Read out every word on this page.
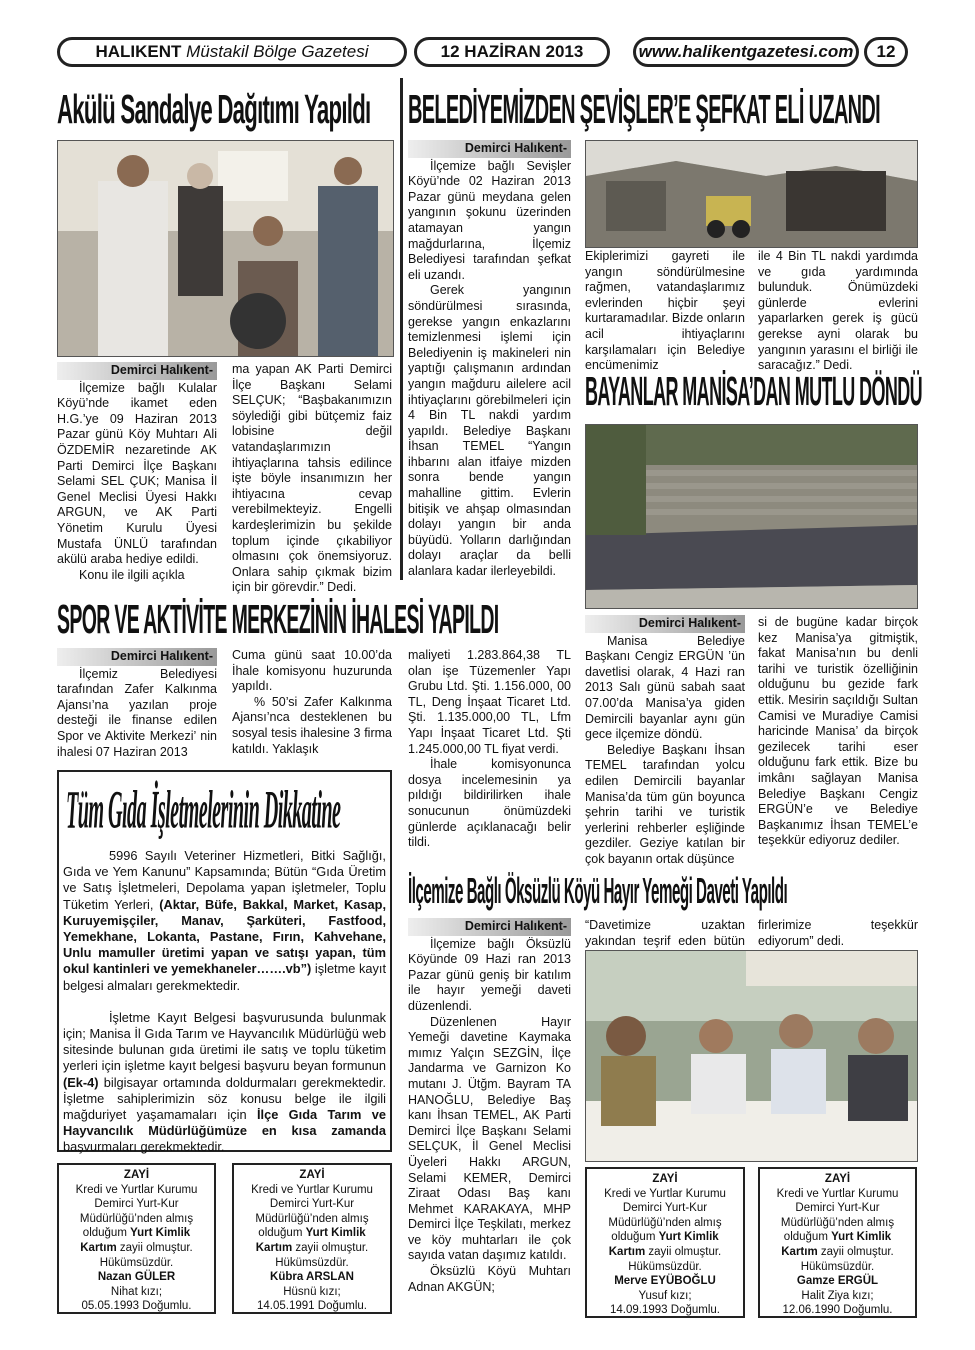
HALIKENT
Müstakil Bölge Gazetesi	12 HAZİRAN 2013	www.halikentgazetesi.com 12
Akülü Sandalye Dağıtımı Yapıldı
Demirci Halıkent-

İlçemize bağlı Kulalar Köyü’nde ikamet eden H.G.’ye 09 Haziran 2013 Pazar günü Köy Muhtarı Ali ÖZDEMİR nezaretinde AK Parti Demirci İlçe Başkanı Selami SEL ÇUK; Manisa İl Genel Meclisi Üyesi Hakkı ARGUN, ve AK Parti Yönetim Kurulu Üyesi Mustafa ÜNLÜ tarafından akülü araba hediye edildi.

Konu ile ilgili açıkla

ma yapan AK Parti Demirci İlçe Başkanı Selami SELÇUK; “Başbakanımızın söylediği gibi bütçemiz faiz lobisine değil vatandaşlarımızın ihtiyaçlarına tahsis edilince işte böyle insanımızın her ihtiyacına cevap verebilmekteyiz. Engelli kardeşlerimizin bu şekilde toplum içinde çıkabiliyor olmasını çok önemsiyoruz. Onlara sahip çıkmak bizim için bir görevdir.” Dedi.

BELEDİYEMİZDEN ŞEVİŞLER’E ŞEFKAT ELİ UZANDI
Demirci Halıkent-

İlçemize bağlı Sevişler Köyü’nde 02 Haziran 2013 Pazar günü meydana gelen yangının şokunu üzerinden atamayan yangın mağdurlarına, İlçemiz Belediyesi tarafından şefkat eli uzandı.

Gerek yangının söndürülmesi sırasında, gerekse yangın enkazlarını temizlenmesi işlemi için Belediyenin iş makineleri nin yaptığı çalışmanın ardından yangın mağduru ailelere acil ihtiyaçlarını görebilmeleri için 4 Bin TL nakdi yardım yapıldı. Belediye Başkanı İhsan TEMEL “Yangın ihbarını alan itfaiye mizden sonra bende yangın mahalline gittim. Evlerin bitişik ve ahşap olmasından dolayı yangın bir anda büyüdü. Yolların darlığından dolayı araçlar da belli alanlara kadar ilerleyebildi.

Ekiplerimizi gayreti ile yangın söndürülmesine rağmen, vatandaşlarımız evlerinden hiçbir şeyi kurtaramadılar. Bizde onların acil ihtiyaçlarını karşılamaları için Belediye encümenimiz

ile 4 Bin TL nakdi yardımda ve gıda yardımında bulunduk. Önümüzdeki günlerde evlerini yaparlarken gerek iş gücü gerekse ayni olarak bu yangının yarasını el birliği ile saracağız.” Dedi.

BAYANLAR MANİSA’DAN MUTLU DÖNDÜ
Demirci Halıkent-

Manisa Belediye Başkanı Cengiz ERGÜN ’ün davetlisi olarak, 4 Hazi ran 2013 Salı günü sabah saat 07.00’da Manisa’ya giden Demircili bayanlar aynı gün gece ilçemize döndü.

Belediye Başkanı İhsan TEMEL tarafından yolcu edilen Demircili bayanlar Manisa’da tüm gün boyunca şehrin tarihi ve turistik yerlerini rehberler eşliğinde gezdiler. Geziye katılan bir çok bayanın ortak düşünce

si de bugüne kadar birçok kez Manisa’ya gitmiştik, fakat Manisa’nın bu denli tarihi ve turistik özelliğinin olduğunu bu gezide fark ettik. Mesirin saçıldığı Sultan Camisi ve Muradiye Camisi haricinde Manisa’ da birçok gezilecek tarihi eser olduğunu fark ettik. Bize bu imkânı sağlayan Manisa Belediye Başkanı Cengiz ERGÜN’e ve Belediye Başkanımız İhsan TEMEL’e teşekkür ediyoruz dediler.

SPOR VE AKTİVİTE MERKEZİNİN İHALESİ YAPILDI
Demirci Halıkent-

İlçemiz Belediyesi tarafından Zafer Kalkınma Ajansı’na yazılan proje desteği ile finanse edilen Spor ve Aktivite Merkezi’ nin ihalesi 07 Haziran 2013

Cuma günü saat 10.00’da İhale komisyonu huzurunda yapıldı.

% 50’si Zafer Kalkınma Ajansı’nca desteklenen bu sosyal tesis ihalesine 3 firma katıldı. Yaklaşık

maliyeti 1.283.864,38 TL olan işe Tüzemenler Yapı Grubu Ltd. Şti. 1.156.000, 00 TL, Deng İnşaat Ticaret Ltd. Şti. 1.135.000,00 TL, Lfm Yapı İnşaat Ticaret Ltd. Şti 1.245.000,00 TL fiyat verdi.

İhale komisyonunca dosya incelemesinin ya pıldığı bildirilirken ihale sonucunun önümüzdeki günlerde açıklanacağı belir tildi.

Tüm Gıda İşletmelerinin Dikkatine

5996 Sayılı Veteriner Hizmetleri, Bitki Sağlığı, Gıda ve Yem Kanunu” Kapsamında; Bütün “Gıda Üretim ve Satış İşletmeleri, Depolama yapan işletmeler, Toplu Tüketim Yerleri, (Aktar, Büfe, Bakkal, Market, Kasap, Kuruyemişçiler, Manav, Şarküteri, Fastfood, Yemekhane, Lokanta, Pastane, Fırın, Kahvehane, Unlu mamuller üretimi yapan ve satışı yapan, tüm okul kantinleri ve yemekhaneler…….vb”) işletme kayıt belgesi almaları gerekmektedir.

İşletme Kayıt Belgesi başvurusunda bulunmak için; Manisa İl Gıda Tarım ve Hayvancılık Müdürlüğü web sitesinde bulunan gıda üretimi ile satış ve toplu tüketim yerleri için işletme kayıt belgesi başvuru beyan formunun (Ek-4) bilgisayar ortamında doldurmaları gerekmektedir. İşletme sahiplerimizin söz konusu belge ile ilgili mağduriyet yaşamamaları için İlçe Gıda Tarım ve Hayvancılık Müdürlüğümüze en kısa zamanda başvurmaları gerekmektedir.

İlçemize Bağlı Öksüzlü Köyü Hayır Yemeği Daveti Yapıldı
Demirci Halıkent-

İlçemize bağlı Öksüzlü Köyünde 09 Hazi ran 2013 Pazar günü geniş bir katılım ile hayır yemeği daveti düzenlendi.

Düzenlenen Hayır Yemeği davetine Kaymaka mımız Yalçın SEZGİN, İlçe Jandarma ve Garnizon Ko mutanı J. Ütğm. Bayram TA HANOĞLU, Belediye Baş kanı İhsan TEMEL, AK Parti Demirci İlçe Başkanı Selami SELÇUK, İl Genel Meclisi Üyeleri Hakkı ARGUN, Selami KEMER, Demirci Ziraat Odası Baş kanı Mehmet KARAKAYA, MHP Demirci İlçe Teşkilatı, merkez ve köy muhtarları ile çok sayıda vatan daşımız katıldı.

Öksüzlü Köyü Muhtarı Adnan AKGÜN;

“Davetimize uzaktan yakından teşrif eden bütün

firlerimize teşekkür ediyorum” dedi.

ZAYİ
Kredi ve Yurtlar Kurumu
Demirci Yurt-Kur
Müdürlüğü’nden almış
olduğum Yurt Kimlik
Kartım zayii olmuştur.
Hükümsüzdür.
Nazan GÜLER
Nihat kızı;
05.05.1993 Doğumlu.
ZAYİ
Kredi ve Yurtlar Kurumu
Demirci Yurt-Kur
Müdürlüğü’nden almış
olduğum Yurt Kimlik
Kartım zayii olmuştur.
Hükümsüzdür.
Kübra ARSLAN
Hüsnü kızı;
14.05.1991 Doğumlu.
ZAYİ
Kredi ve Yurtlar Kurumu
Demirci Yurt-Kur
Müdürlüğü’nden almış
olduğum Yurt Kimlik
Kartım zayii olmuştur.
Hükümsüzdür.
Merve EYÜBOĞLU
Yusuf kızı;
14.09.1993 Doğumlu.
ZAYİ
Kredi ve Yurtlar Kurumu
Demirci Yurt-Kur
Müdürlüğü’nden almış
olduğum Yurt Kimlik
Kartım zayii olmuştur.
Hükümsüzdür.
Gamze ERGÜL
Halit Ziya kızı;
12.06.1990 Doğumlu.
